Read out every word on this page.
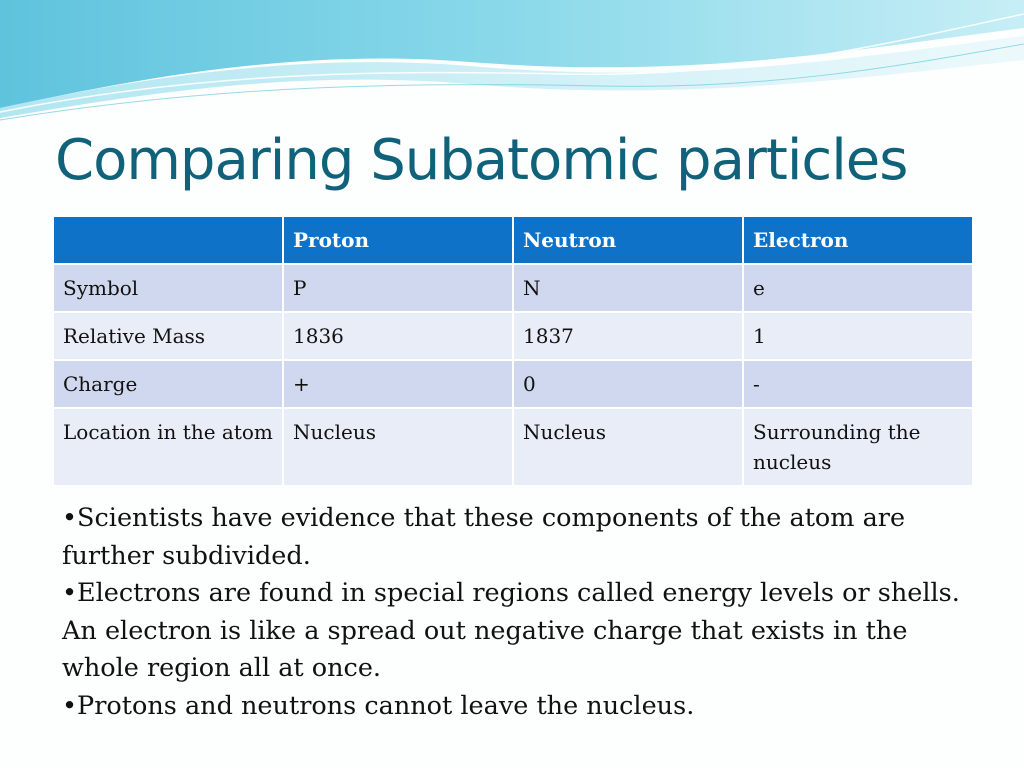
Comparing Subatomic particles
	Proton	Neutron	Electron
Symbol	P	N	e
Relative Mass	1836	1837	1
Charge	+	0	-
Location in the atom	Nucleus	Nucleus	Surrounding the nucleus

•Scientists have evidence that these components of the atom are further subdivided.

•Electrons are found in special regions called energy levels or shells. An electron is like a spread out negative charge that exists in the whole region all at once.

•Protons and neutrons cannot leave the nucleus.
